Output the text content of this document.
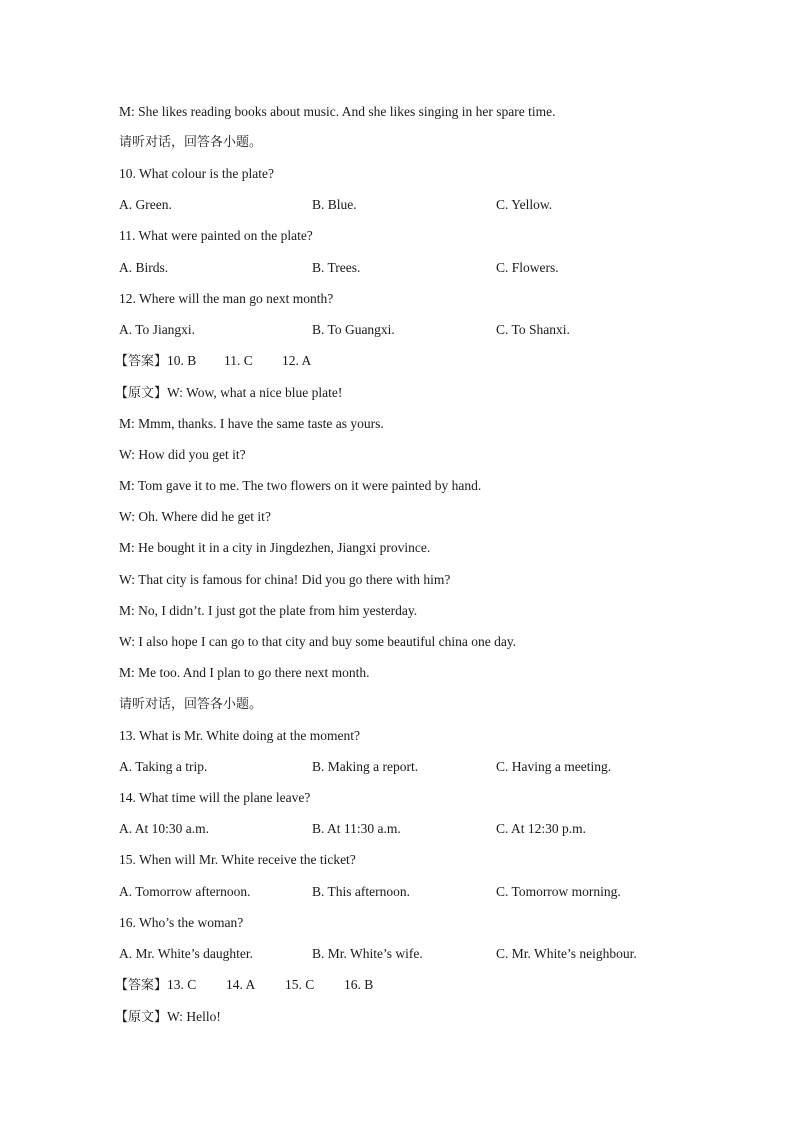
M: She likes reading books about music. And she likes singing in her spare time.
请听对话，回答各小题。
10. What colour is the plate?
A. Green.	B. Blue.	C. Yellow.
11. What were painted on the plate?
A. Birds.	B. Trees.	C. Flowers.
12. Where will the man go next month?
A. To Jiangxi.	B. To Guangxi.	C. To Shanxi.
【答案】10. B 11. C 12. A
【原文】W: Wow, what a nice blue plate!
M: Mmm, thanks. I have the same taste as yours.
W: How did you get it?
M: Tom gave it to me. The two flowers on it were painted by hand.
W: Oh. Where did he get it?
M: He bought it in a city in Jingdezhen, Jiangxi province.
W: That city is famous for china! Did you go there with him?
M: No, I didn’t. I just got the plate from him yesterday.
W: I also hope I can go to that city and buy some beautiful china one day.
M: Me too. And I plan to go there next month.
请听对话，回答各小题。
13. What is Mr. White doing at the moment?
A. Taking a trip.	B. Making a report.	C. Having a meeting.
14. What time will the plane leave?
A. At 10:30 a.m.	B. At 11:30 a.m.	C. At 12:30 p.m.
15. When will Mr. White receive the ticket?
A. Tomorrow afternoon.	B. This afternoon.	C. Tomorrow morning.
16. Who’s the woman?
A. Mr. White’s daughter.	B. Mr. White’s wife.	C. Mr. White’s neighbour.
【答案】13. C 14. A 15. C 16. B
【原文】W: Hello!
